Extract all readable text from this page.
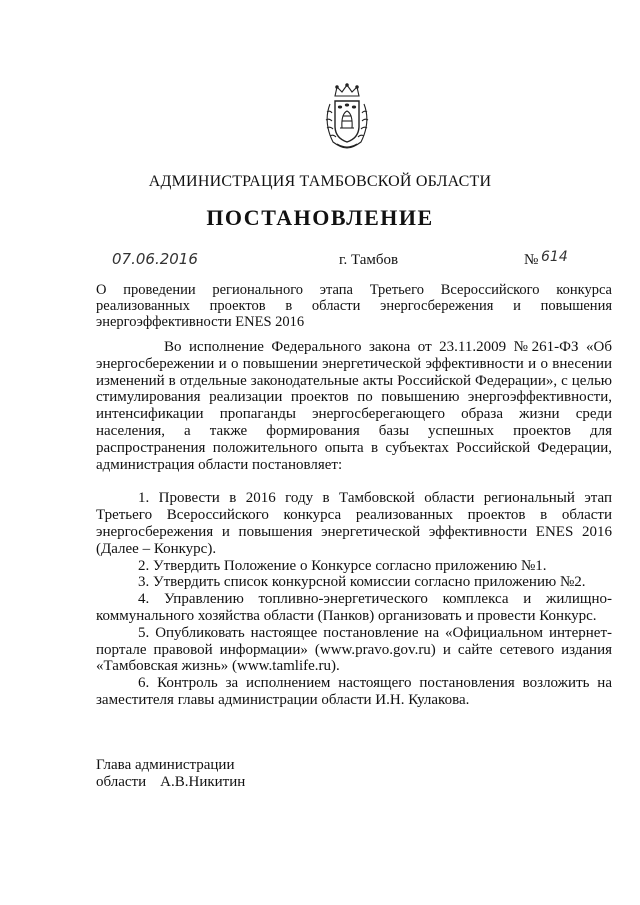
АДМИНИСТРАЦИЯ ТАМБОВСКОЙ ОБЛАСТИ
ПОСТАНОВЛЕНИЕ
07.06.2016	г. Тамбов	№ 614
О проведении регионального этапа Третьего Всероссийского конкурса реализованных проектов в области энергосбережения и повышения энергоэффективности ENES 2016

Во исполнение Федерального закона от 23.11.2009 №261-ФЗ «Об энергосбережении и о повышении энергетической эффективности и о внесении изменений в отдельные законодательные акты Российской Федерации», с целью стимулирования реализации проектов по повышению энергоэффективности, интенсификации пропаганды энергосберегающего образа жизни среди населения, а также формирования базы успешных проектов для распространения положительного опыта в субъектах Российской Федерации, администрация области постановляет:

1. Провести в 2016 году в Тамбовской области региональный этап Третьего Всероссийского конкурса реализованных проектов в области энергосбережения и повышения энергетической эффективности ENES 2016 (Далее – Конкурс).

2. Утвердить Положение о Конкурсе согласно приложению №1.

3. Утвердить список конкурсной комиссии согласно приложению №2.

4. Управлению топливно-энергетического комплекса и жилищно-коммунального хозяйства области (Панков) организовать и провести Конкурс.

5. Опубликовать настоящее постановление на «Официальном интернет-портале правовой информации» (www.pravo.gov.ru) и сайте сетевого издания «Тамбовская жизнь» (www.tamlife.ru).

6. Контроль за исполнением настоящего постановления возложить на заместителя главы администрации области И.Н. Кулакова.

Глава администрации
области А.В.Никитин
